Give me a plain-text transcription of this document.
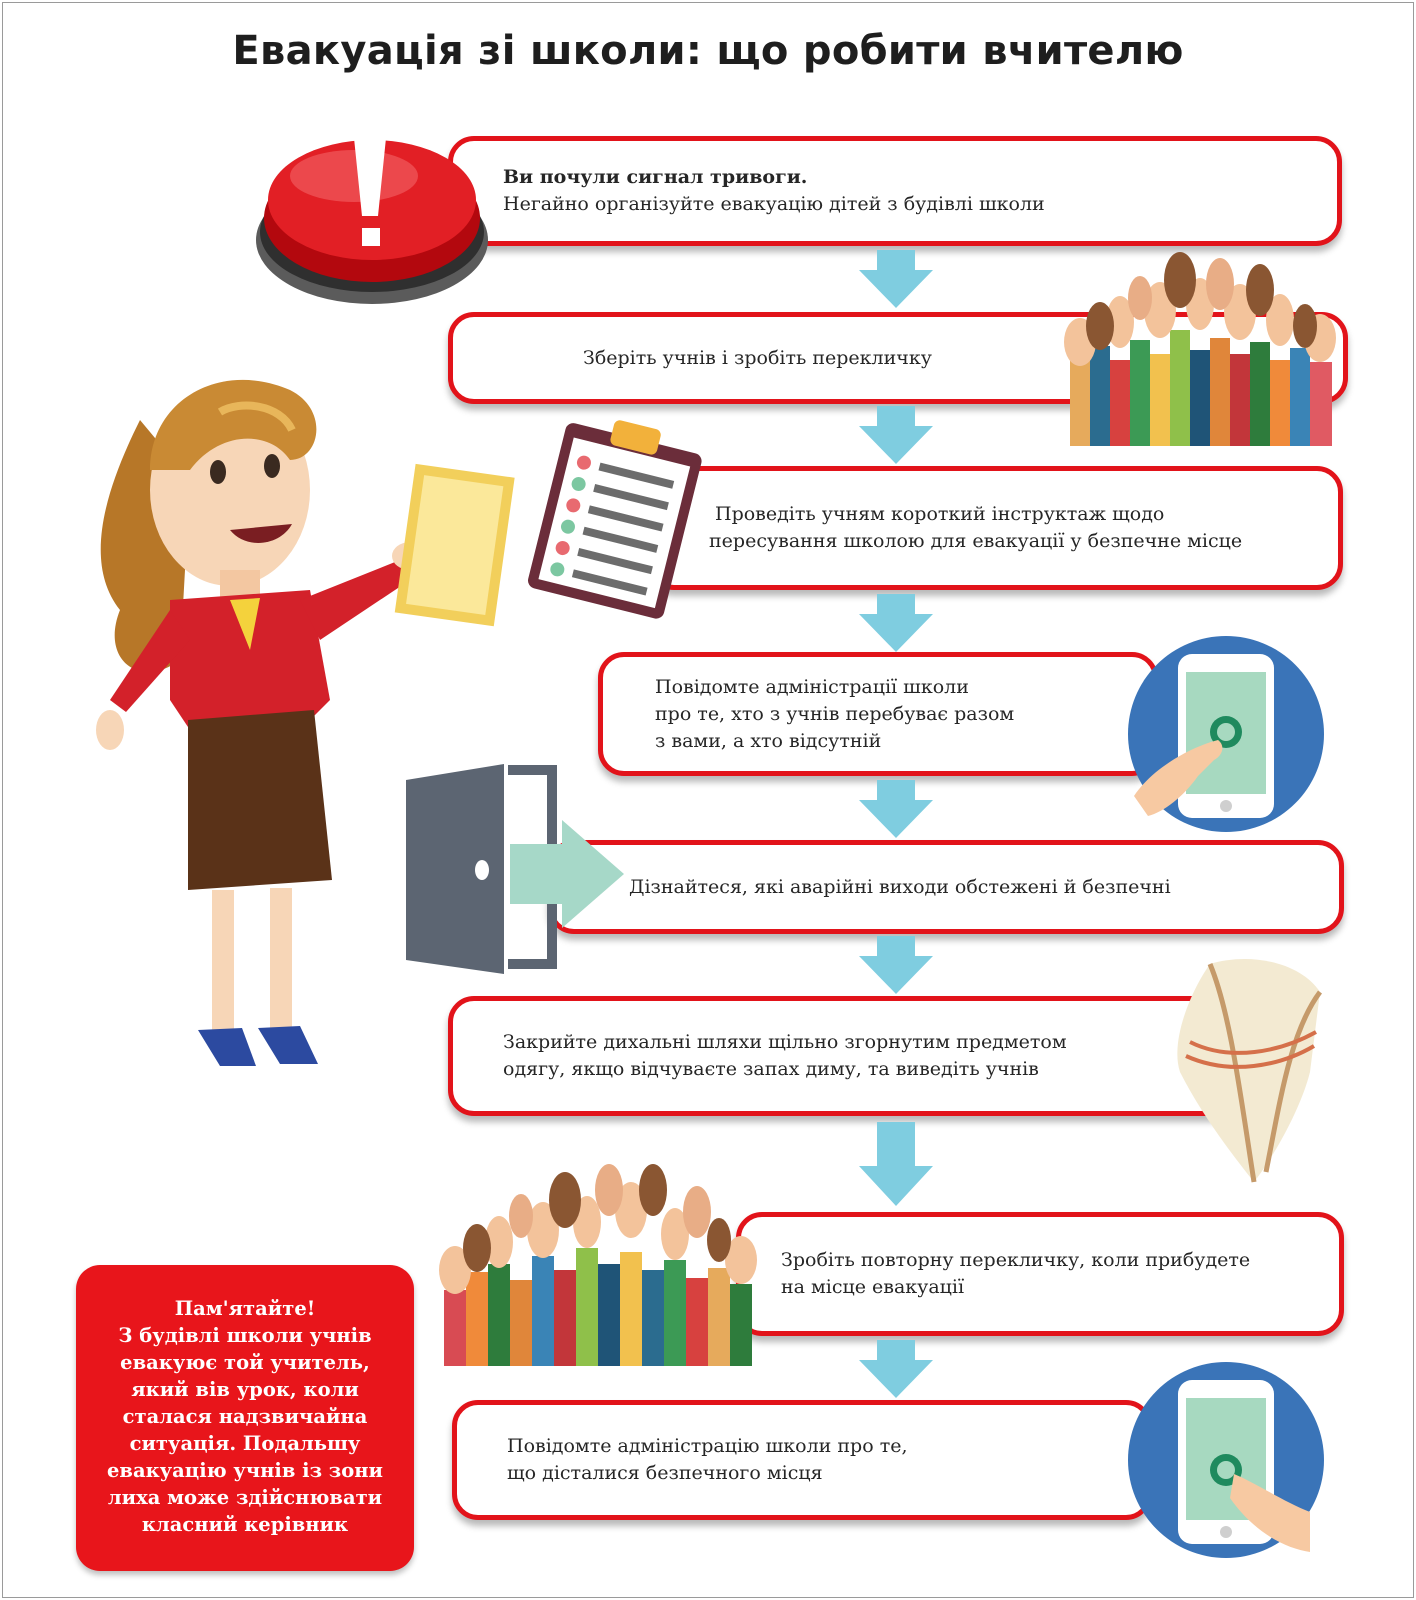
Евакуація зі школи: що робити вчителю
Ви почули сигнал тривоги.
Негайно організуйте евакуацію дітей з будівлі школи
Зберіть учнів і зробіть перекличку
Проведіть учням короткий інструктаж щодо
пересування школою для евакуації у безпечне місце
Повідомте адміністрації школи
про те, хто з учнів перебуває разом
з вами, а хто відсутній
Дізнайтеся, які аварійні виходи обстежені й безпечні
Закрийте дихальні шляхи щільно згорнутим предметом
одягу, якщо відчуваєте запах диму, та виведіть учнів
Зробіть повторну перекличку, коли прибудете
на місце евакуації
Повідомте адміністрацію школи про те,
що дісталися безпечного місця
Пам'ятайте!
З будівлі школи учнів евакуює той учитель, який вів урок, коли сталася надзвичайна ситуація. Подальшу евакуацію учнів із зони лиха може здійснювати класний керівник
